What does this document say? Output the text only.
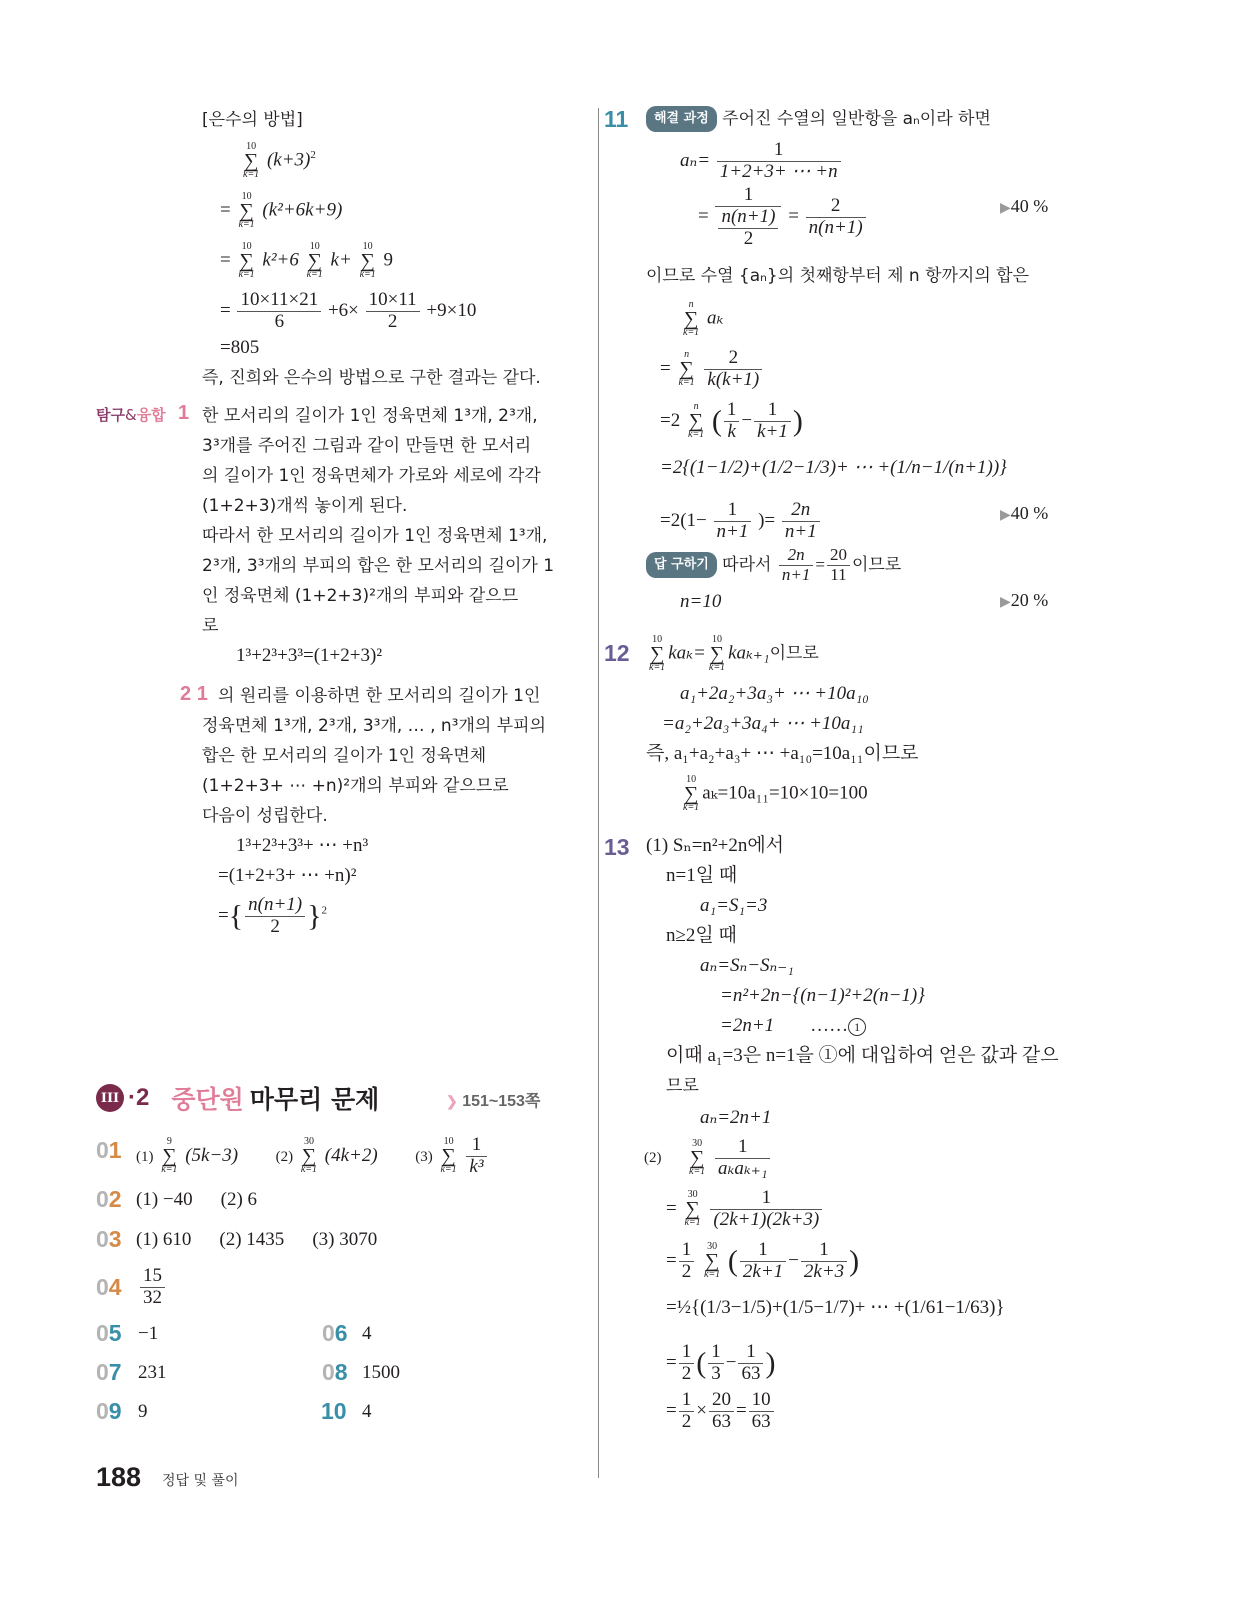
[은수의 방법]
10
∑
k=1
$(k+3)^2$
=
10
∑
k=1
(k²+6k+9)
=
10
∑
k=1
k²+6
10
∑
k=1
k+
10
∑
k=1
9
= $\frac{10\times 11\times 21}{6} +6\times \frac{10\times 11}{2} +9\times 10$
=805
즉, 진희와 은수의 방법으로 구한 결과는 같다.
탐구&융합 1 한 모서리의 길이가 1인 정육면체 1³개, 2³개,
3³개를 주어진 그림과 같이 만들면 한 모서리
의 길이가 1인 정육면체가 가로와 세로에 각각
(1+2+3)개씩 놓이게 된다.
따라서 한 모서리의 길이가 1인 정육면체 1³개,
2³개, 3³개의 부피의 합은 한 모서리의 길이가 1
인 정육면체 (1+2+3)²개의 부피와 같으므
로
1³+2³+3³=(1+2+3)²
2 1 의 원리를 이용하면 한 모서리의 길이가 1인
정육면체 1³개, 2³개, 3³개, … , n³개의 부피의
합은 한 모서리의 길이가 1인 정육면체
(1+2+3+ ⋯ +n)²개의 부피와 같으므로
다음이 성립한다.
1³+2³+3³+ ⋯ +n³
=(1+2+3+ ⋯ +n)²
={ $\frac{n(n+1)}{2} \}^2$
III ·2 중단원 마무리 문제	❯ 151~153쪽
01 (1)
9
∑
k=1
(5k−3)	(2)
30
∑
k=1
(4k+2)	(3)
10
∑
k=1
$\frac{1}{\text{k³}}$
02 (1) −40 (2) 6
03 (1) 610 (2) 1435 (3) 3070
$04 \frac{15}{32}$
05 −1	06 4
07 231	08 1500
09 9	10 4
11	해결 과정 주어진 수열의 일반항을 aₙ이라 하면
$a_n= \frac{1}{1+2+3+ \cdots +n}$
= $\frac{1}{\frac{n(n+1)}{2}} = \frac{2}{n(n+1)}$	▶40 %
이므로 수열 {aₙ}의 첫째항부터 제 n 항까지의 합은
n
∑
k=1
aₖ
=
n
∑
k=1
$\frac{2}{k(k+1)}$
=2
n
∑
k=1 ( $\frac{1}{k} - \frac{1}{k+1}$ )
=2{(1−1/2)+(1/2−1/3)+ ⋯ +(1/n−1/(n+1))}
$=2(1- \frac{1}{n+1}$ )= $\frac{2n}{n+1}$	▶40 %
답 구하기 따라서 $\frac{2n}{n+1} = \frac{20}{11}$ 이므로
n=10	▶20 %
12
10
∑
k=1
kaₖ=
10
∑
k=1
kaₖ₊₁이므로
a₁+2a₂+3a₃+ ⋯ +10a₁₀
=a₂+2a₃+3a₄+ ⋯ +10a₁₁
즉, a₁+a₂+a₃+ ⋯ +a₁₀=10a₁₁이므로
10
∑
k=1
aₖ=10a₁₁=10×10=100
13 (1) Sₙ=n²+2n에서
n=1일 때
a₁=S₁=3
n≥2일 때
aₙ=Sₙ−Sₙ₋₁
=n²+2n−{(n−1)²+2(n−1)}
=2n+1 …… 1
이때 a₁=3은 n=1을 ①에 대입하여 얻은 값과 같으
므로
aₙ=2n+1
(2)
30
∑
k=1
$\frac{1}{\text{aₖaₖ₊₁}}$
=
30
∑
k=1
$\frac{1}{(2k+1)(2k+3)}$
= $\frac{1}{2}$
	30
∑
k=1 ( $\frac{1}{2k+1} - \frac{1}{2k+3}$ )
=½{(1/3−1/5)+(1/5−1/7)+ ⋯ +(1/61−1/63)}
= $\frac{1}{2}$ ( $\frac{1}{3} - \frac{1}{63}$ )
= $\frac{1}{2} \times \frac{20}{63} = \frac{10}{63}$
188 정답 및 풀이
